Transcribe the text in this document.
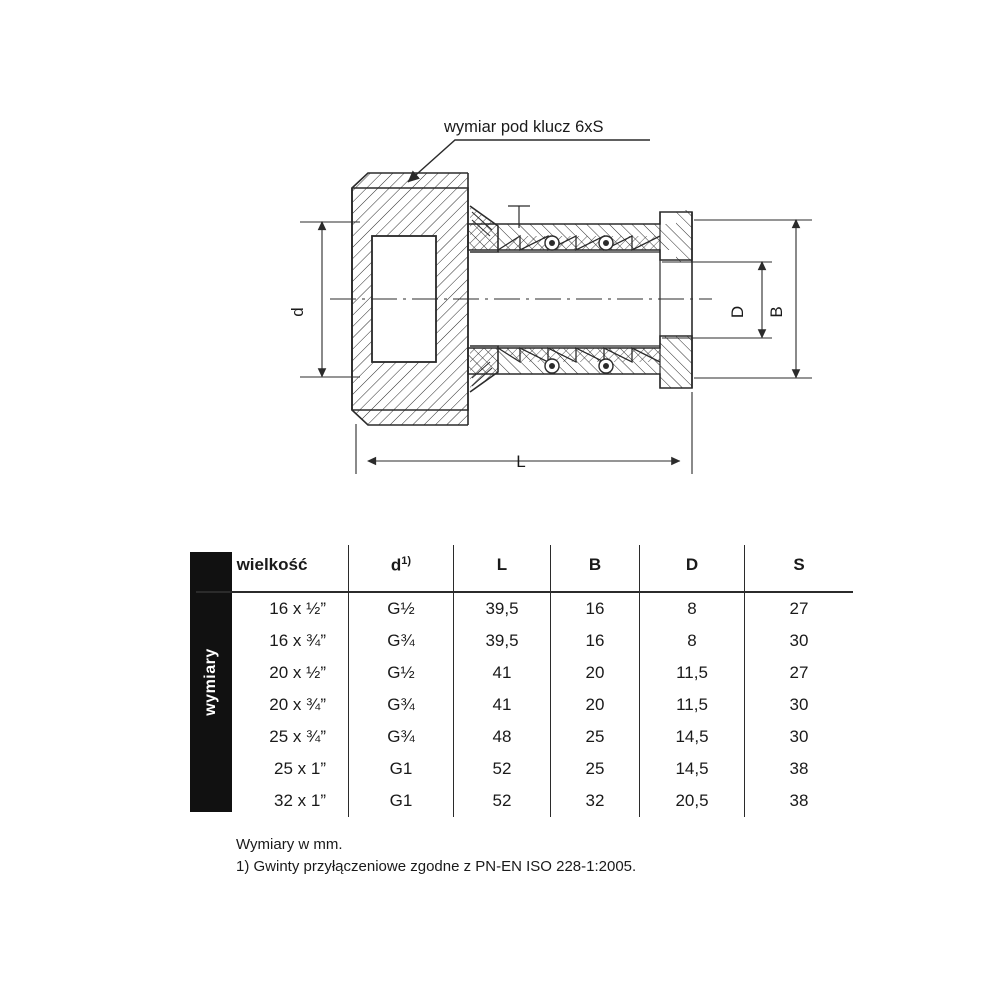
d
L
D B
wymiar pod klucz 6xS
wymiary
wielkość	$d^{1)}$	L	B	D	S
16 x ½”	G½	39,5	16	8	27
16 x ¾”	G¾	39,5	16	8	30
20 x ½”	G½	41	20	11,5	27
20 x ¾”	G¾	41	20	11,5	30
25 x ¾”	G¾	48	25	14,5	30
25 x 1”	G1	52	25	14,5	38
32 x 1”	G1	52	32	20,5	38
Wymiary w mm.
1) Gwinty przyłączeniowe zgodne z PN-EN ISO 228-1:2005.
